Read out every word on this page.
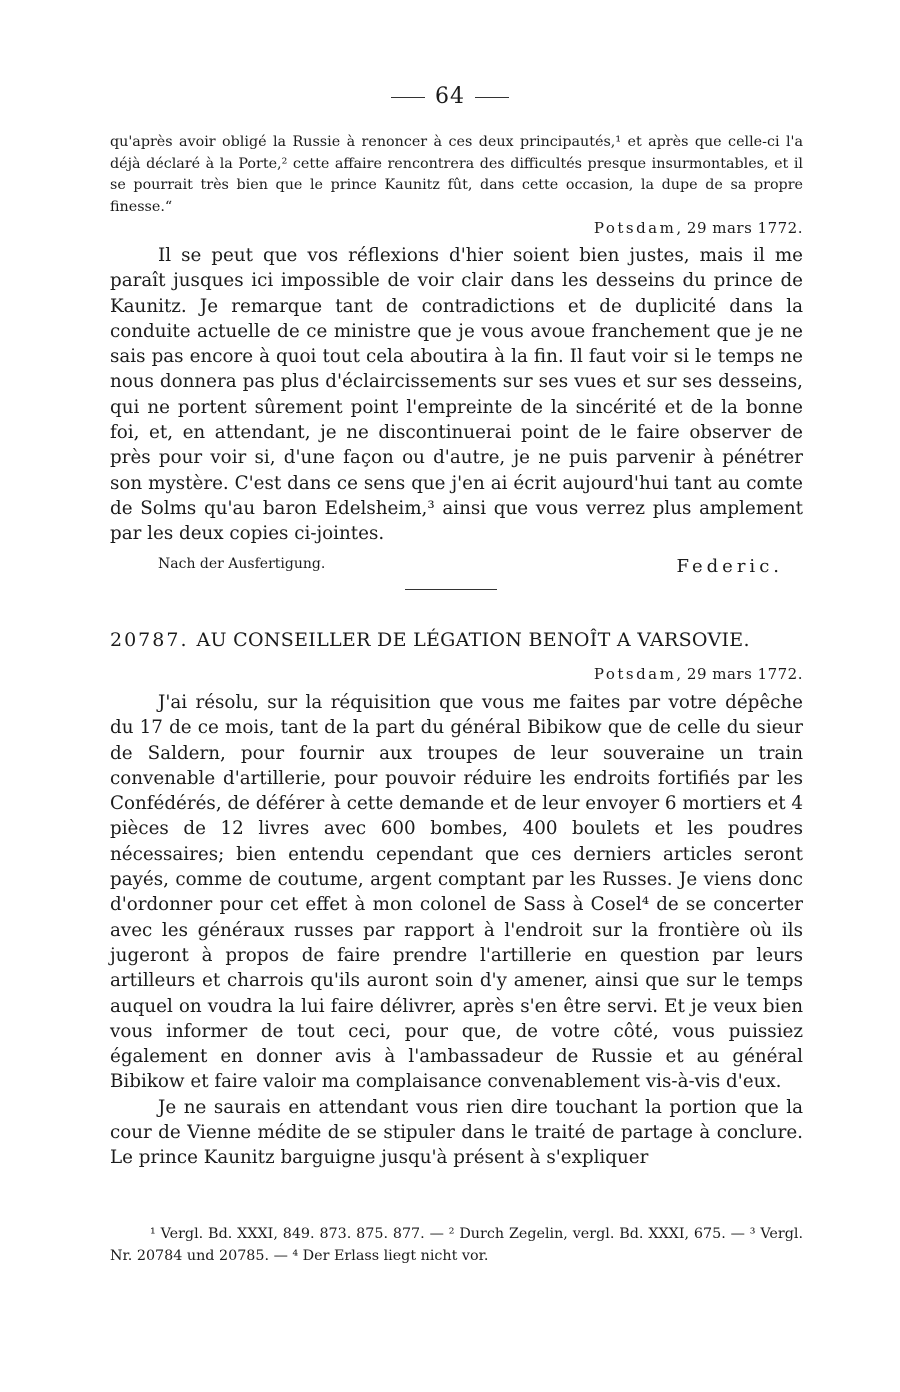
64
qu'après avoir obligé la Russie à renoncer à ces deux principautés,¹ et après que celle-ci l'a déjà déclaré à la Porte,² cette affaire rencontrera des difficultés presque insurmontables, et il se pourrait très bien que le prince Kaunitz fût, dans cette occasion, la dupe de sa propre finesse.“
Potsdam, 29 mars 1772.

Il se peut que vos réflexions d'hier soient bien justes, mais il me paraît jusques ici impossible de voir clair dans les desseins du prince de Kaunitz. Je remarque tant de contradictions et de duplicité dans la conduite actuelle de ce ministre que je vous avoue franchement que je ne sais pas encore à quoi tout cela aboutira à la fin. Il faut voir si le temps ne nous donnera pas plus d'éclaircissements sur ses vues et sur ses desseins, qui ne portent sûrement point l'empreinte de la sincérité et de la bonne foi, et, en attendant, je ne discontinuerai point de le faire observer de près pour voir si, d'une façon ou d'autre, je ne puis parvenir à pénétrer son mystère. C'est dans ce sens que j'en ai écrit aujourd'hui tant au comte de Solms qu'au baron Edelsheim,³ ainsi que vous verrez plus amplement par les deux copies ci-jointes.

Nach der Ausfertigung.	Federic.
20787. AU CONSEILLER DE LÉGATION BENOÎT A VARSOVIE.
Potsdam, 29 mars 1772.

J'ai résolu, sur la réquisition que vous me faites par votre dépêche du 17 de ce mois, tant de la part du général Bibikow que de celle du sieur de Saldern, pour fournir aux troupes de leur souveraine un train convenable d'artillerie, pour pouvoir réduire les endroits fortifiés par les Confédérés, de déférer à cette demande et de leur envoyer 6 mortiers et 4 pièces de 12 livres avec 600 bombes, 400 boulets et les poudres nécessaires; bien entendu cependant que ces derniers articles seront payés, comme de coutume, argent comptant par les Russes. Je viens donc d'ordonner pour cet effet à mon colonel de Sass à Cosel⁴ de se concerter avec les généraux russes par rapport à l'endroit sur la frontière où ils jugeront à propos de faire prendre l'artillerie en question par leurs artilleurs et charrois qu'ils auront soin d'y amener, ainsi que sur le temps auquel on voudra la lui faire délivrer, après s'en être servi. Et je veux bien vous informer de tout ceci, pour que, de votre côté, vous puissiez également en donner avis à l'ambassadeur de Russie et au général Bibikow et faire valoir ma complaisance convenablement vis-à-vis d'eux.

Je ne saurais en attendant vous rien dire touchant la portion que la cour de Vienne médite de se stipuler dans le traité de partage à conclure. Le prince Kaunitz barguigne jusqu'à présent à s'expliquer

¹ Vergl. Bd. XXXI, 849. 873. 875. 877. — ² Durch Zegelin, vergl. Bd. XXXI, 675. — ³ Vergl. Nr. 20784 und 20785. — ⁴ Der Erlass liegt nicht vor.
